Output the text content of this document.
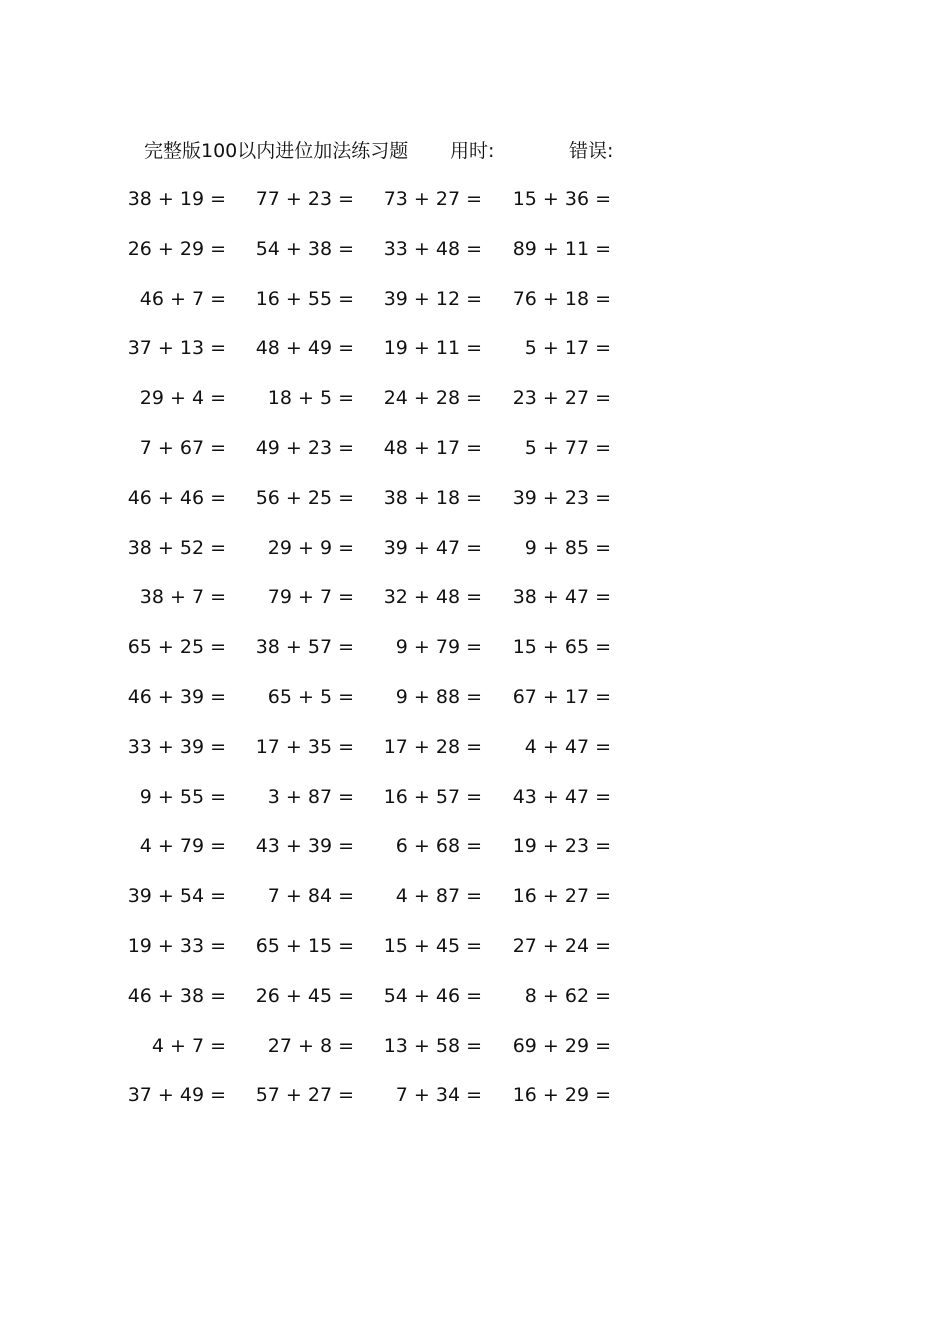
完整版100以内进位加法练习题 用时:	错误:
38 + 19 = 77 + 23 = 73 + 27 = 15 + 36 =
26 + 29 = 54 + 38 = 33 + 48 = 89 + 11 =
46 + 7 = 16 + 55 = 39 + 12 = 76 + 18 =
37 + 13 = 48 + 49 = 19 + 11 = 5 + 17 =
29 + 4 = 18 + 5 = 24 + 28 = 23 + 27 =
7 + 67 = 49 + 23 = 48 + 17 = 5 + 77 =
46 + 46 = 56 + 25 = 38 + 18 = 39 + 23 =
38 + 52 = 29 + 9 = 39 + 47 = 9 + 85 =
38 + 7 = 79 + 7 = 32 + 48 = 38 + 47 =
65 + 25 = 38 + 57 = 9 + 79 = 15 + 65 =
46 + 39 = 65 + 5 = 9 + 88 = 67 + 17 =
33 + 39 = 17 + 35 = 17 + 28 = 4 + 47 =
9 + 55 = 3 + 87 = 16 + 57 = 43 + 47 =
4 + 79 = 43 + 39 = 6 + 68 = 19 + 23 =
39 + 54 = 7 + 84 = 4 + 87 = 16 + 27 =
19 + 33 = 65 + 15 = 15 + 45 = 27 + 24 =
46 + 38 = 26 + 45 = 54 + 46 = 8 + 62 =
4 + 7 = 27 + 8 = 13 + 58 = 69 + 29 =
37 + 49 = 57 + 27 = 7 + 34 = 16 + 29 =
